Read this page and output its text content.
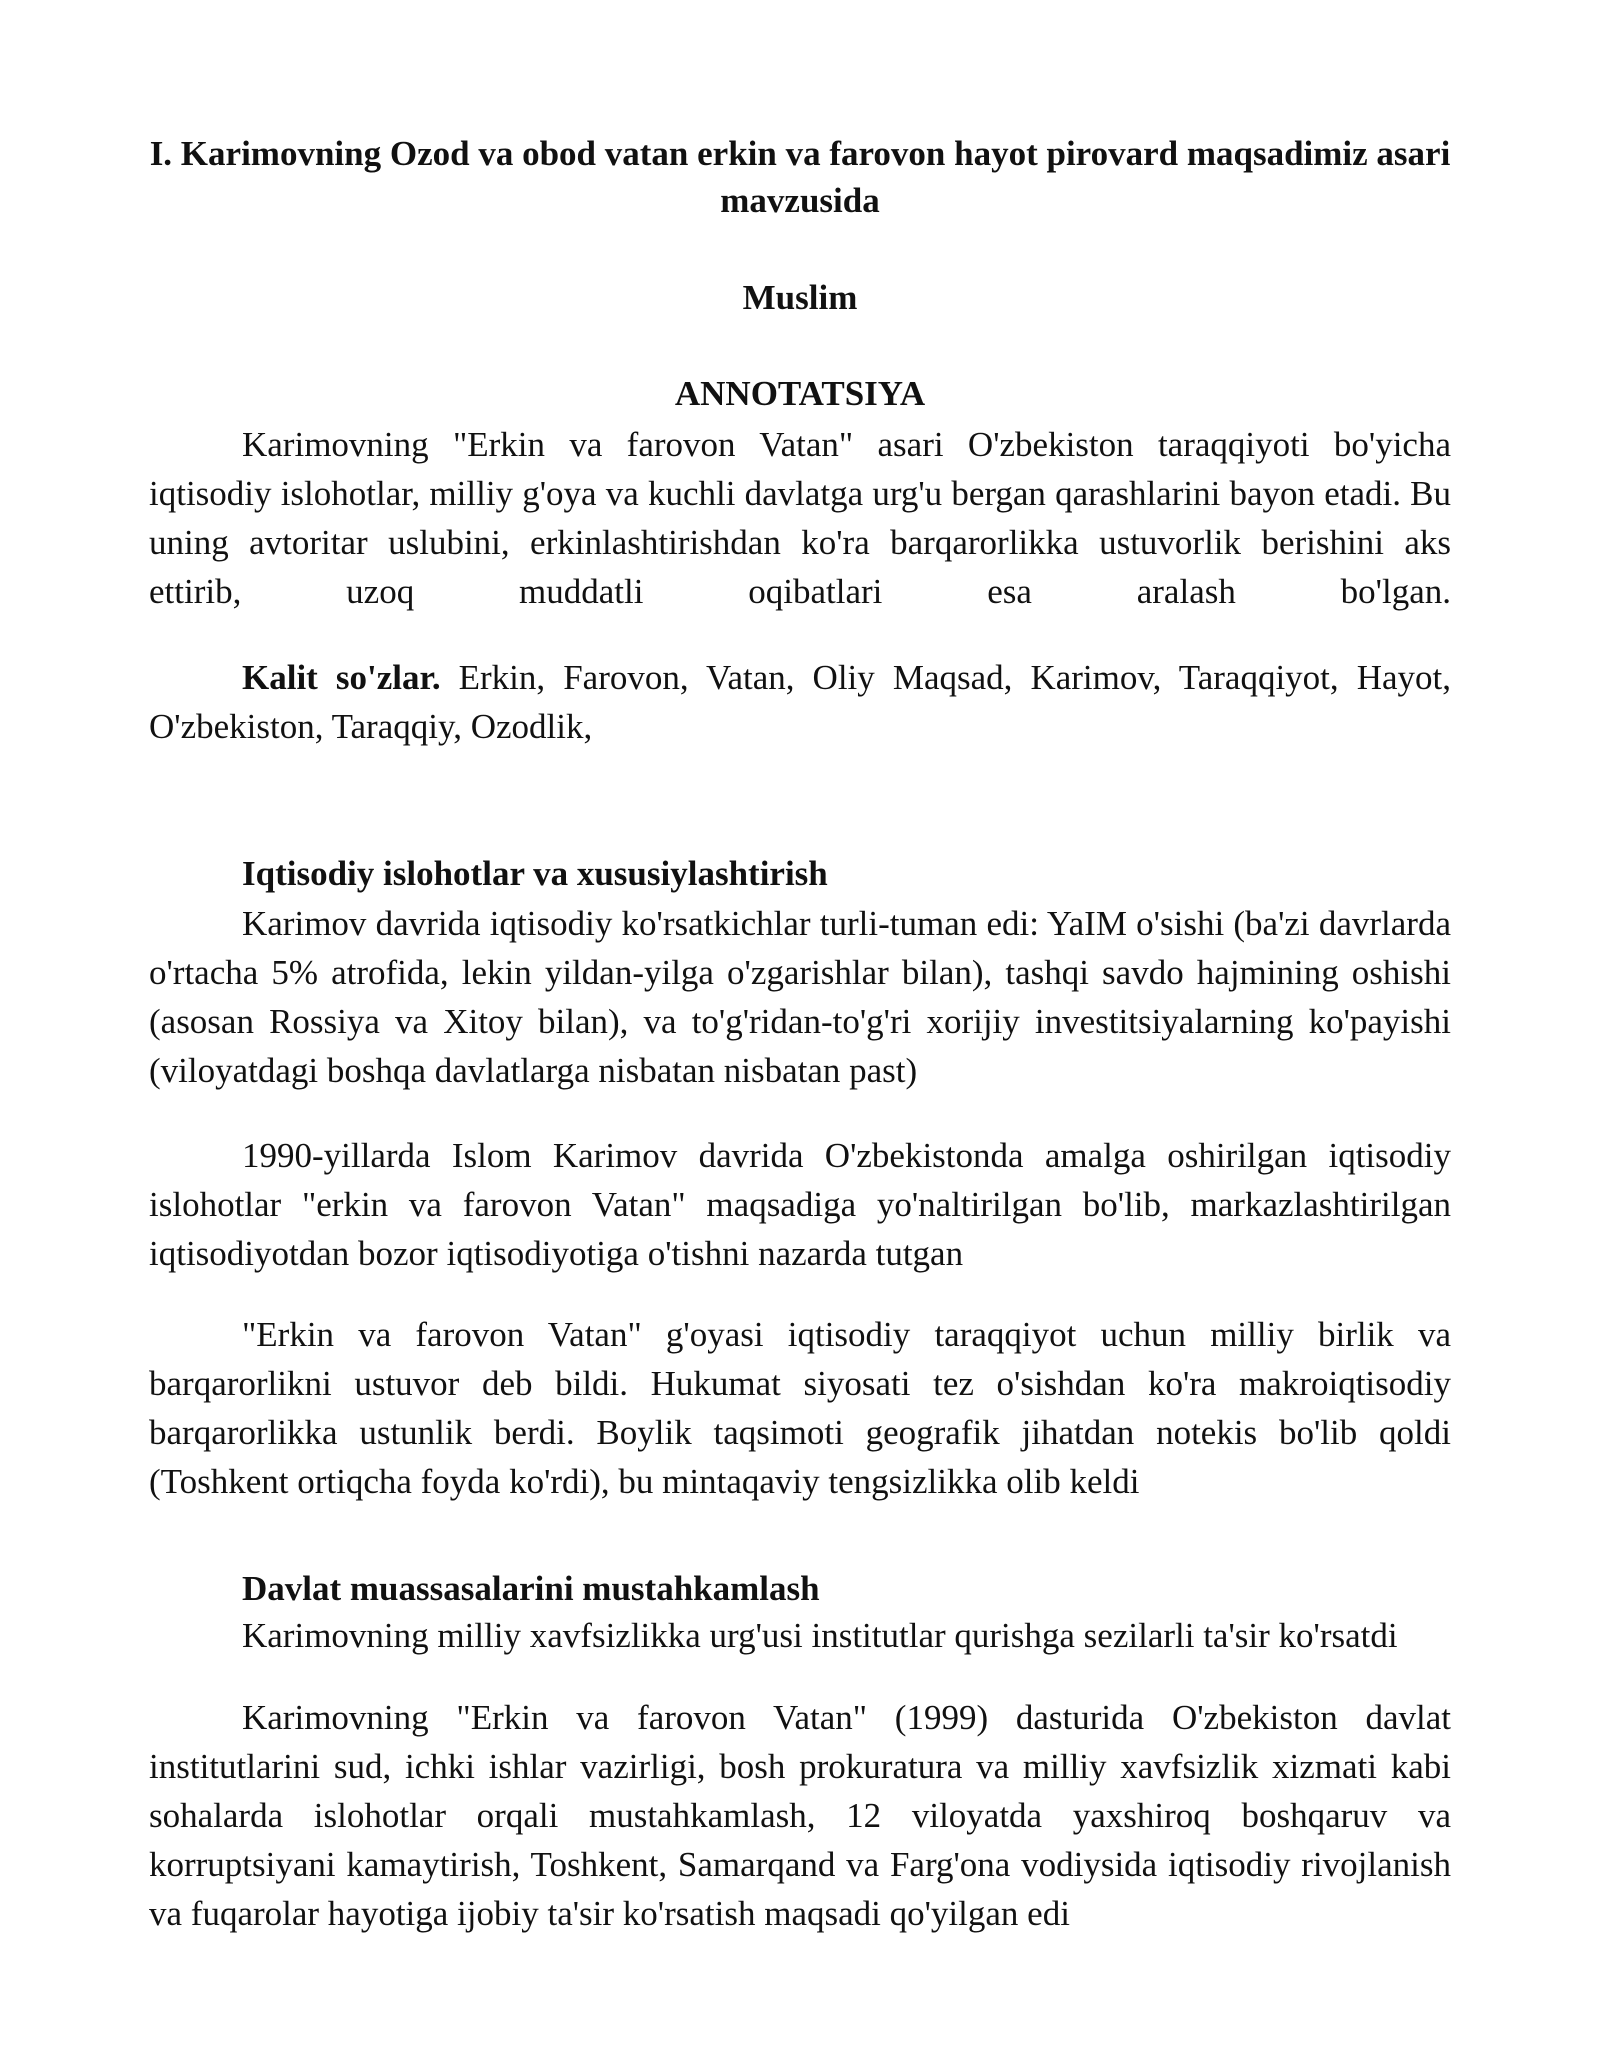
I. Karimovning Ozod va obod vatan erkin va farovon hayot pirovard maqsadimiz asari mavzusida

Muslim

ANNOTATSIYA

Karimovning "Erkin va farovon Vatan" asari O'zbekiston taraqqiyoti bo'yicha iqtisodiy islohotlar, milliy g'oya va kuchli davlatga urg'u bergan qarashlarini bayon etadi. Bu uning avtoritar uslubini, erkinlashtirishdan ko'ra barqarorlikka ustuvorlik berishini aks ettirib, uzoq muddatli oqibatlari esa aralash bo'lgan.

Kalit so'zlar. Erkin, Farovon, Vatan, Oliy Maqsad, Karimov, Taraqqiyot, Hayot, O'zbekiston, Taraqqiy, Ozodlik,

Iqtisodiy islohotlar va xususiylashtirish

Karimov davrida iqtisodiy ko'rsatkichlar turli-tuman edi: YaIM o'sishi (ba'zi davrlarda o'rtacha 5% atrofida, lekin yildan-yilga o'zgarishlar bilan), tashqi savdo hajmining oshishi (asosan Rossiya va Xitoy bilan), va to'g'ridan-to'g'ri xorijiy investitsiyalarning ko'payishi (viloyatdagi boshqa davlatlarga nisbatan nisbatan past)

1990-yillarda Islom Karimov davrida O'zbekistonda amalga oshirilgan iqtisodiy islohotlar "erkin va farovon Vatan" maqsadiga yo'naltirilgan bo'lib, markazlashtirilgan iqtisodiyotdan bozor iqtisodiyotiga o'tishni nazarda tutgan

"Erkin va farovon Vatan" g'oyasi iqtisodiy taraqqiyot uchun milliy birlik va barqarorlikni ustuvor deb bildi. Hukumat siyosati tez o'sishdan ko'ra makroiqtisodiy barqarorlikka ustunlik berdi. Boylik taqsimoti geografik jihatdan notekis bo'lib qoldi (Toshkent ortiqcha foyda ko'rdi), bu mintaqaviy tengsizlikka olib keldi

Davlat muassasalarini mustahkamlash

Karimovning milliy xavfsizlikka urg'usi institutlar qurishga sezilarli ta'sir ko'rsatdi

Karimovning "Erkin va farovon Vatan" (1999) dasturida O'zbekiston davlat institutlarini sud, ichki ishlar vazirligi, bosh prokuratura va milliy xavfsizlik xizmati kabi sohalarda islohotlar orqali mustahkamlash, 12 viloyatda yaxshiroq boshqaruv va korruptsiyani kamaytirish, Toshkent, Samarqand va Farg'ona vodiysida iqtisodiy rivojlanish va fuqarolar hayotiga ijobiy ta'sir ko'rsatish maqsadi qo'yilgan edi
